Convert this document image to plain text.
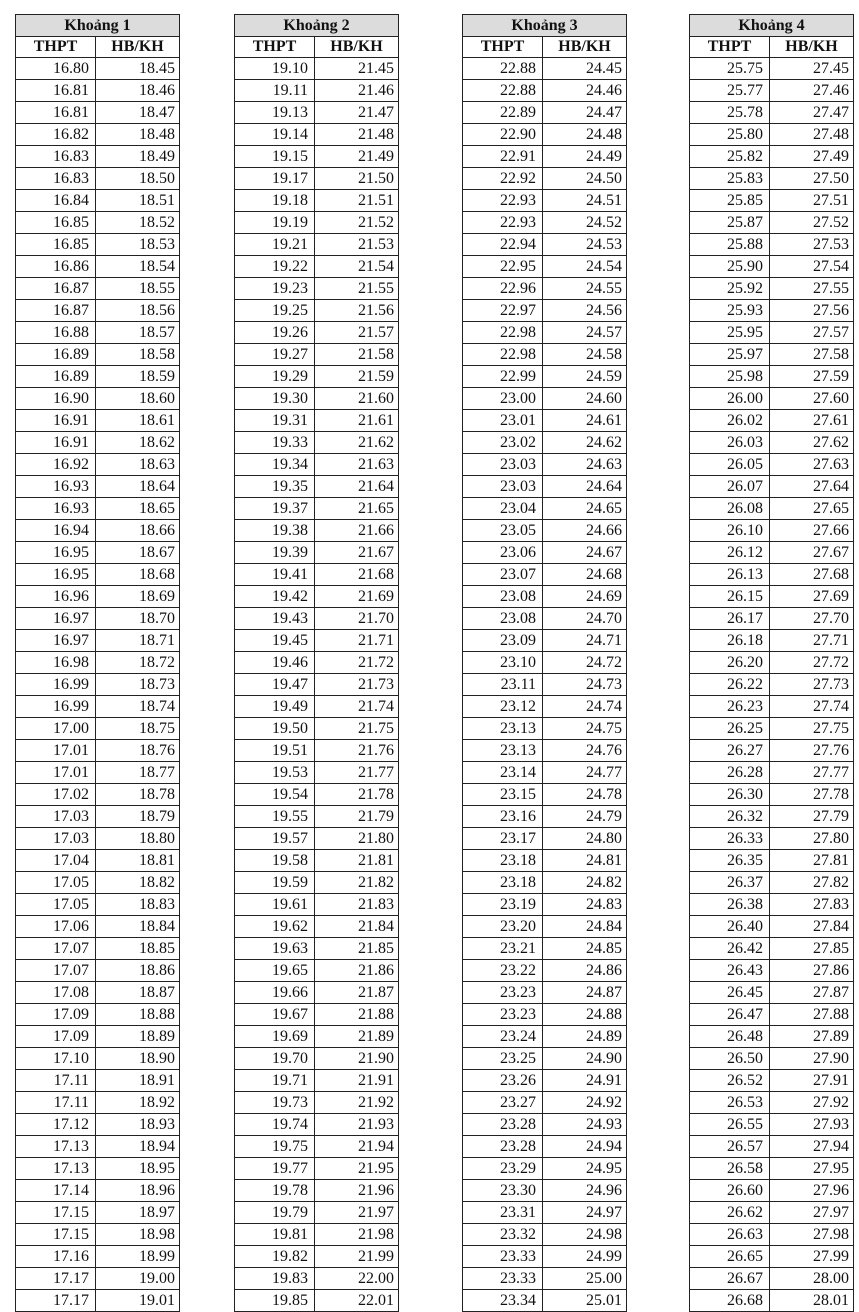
Khoảng 1	
THPT	HB/KH
16.80	18.45
16.81	18.46
16.81	18.47
16.82	18.48
16.83	18.49
16.83	18.50
16.84	18.51
16.85	18.52
16.85	18.53
16.86	18.54
16.87	18.55
16.87	18.56
16.88	18.57
16.89	18.58
16.89	18.59
16.90	18.60
16.91	18.61
16.91	18.62
16.92	18.63
16.93	18.64
16.93	18.65
16.94	18.66
16.95	18.67
16.95	18.68
16.96	18.69
16.97	18.70
16.97	18.71
16.98	18.72
16.99	18.73
16.99	18.74
17.00	18.75
17.01	18.76
17.01	18.77
17.02	18.78
17.03	18.79
17.03	18.80
17.04	18.81
17.05	18.82
17.05	18.83
17.06	18.84
17.07	18.85
17.07	18.86
17.08	18.87
17.09	18.88
17.09	18.89
17.10	18.90
17.11	18.91
17.11	18.92
17.12	18.93
17.13	18.94
17.13	18.95
17.14	18.96
17.15	18.97
17.15	18.98
17.16	18.99
17.17	19.00
17.17	19.01
Khoảng 2	
THPT	HB/KH
19.10	21.45
19.11	21.46
19.13	21.47
19.14	21.48
19.15	21.49
19.17	21.50
19.18	21.51
19.19	21.52
19.21	21.53
19.22	21.54
19.23	21.55
19.25	21.56
19.26	21.57
19.27	21.58
19.29	21.59
19.30	21.60
19.31	21.61
19.33	21.62
19.34	21.63
19.35	21.64
19.37	21.65
19.38	21.66
19.39	21.67
19.41	21.68
19.42	21.69
19.43	21.70
19.45	21.71
19.46	21.72
19.47	21.73
19.49	21.74
19.50	21.75
19.51	21.76
19.53	21.77
19.54	21.78
19.55	21.79
19.57	21.80
19.58	21.81
19.59	21.82
19.61	21.83
19.62	21.84
19.63	21.85
19.65	21.86
19.66	21.87
19.67	21.88
19.69	21.89
19.70	21.90
19.71	21.91
19.73	21.92
19.74	21.93
19.75	21.94
19.77	21.95
19.78	21.96
19.79	21.97
19.81	21.98
19.82	21.99
19.83	22.00
19.85	22.01
Khoảng 3	
THPT	HB/KH
22.88	24.45
22.88	24.46
22.89	24.47
22.90	24.48
22.91	24.49
22.92	24.50
22.93	24.51
22.93	24.52
22.94	24.53
22.95	24.54
22.96	24.55
22.97	24.56
22.98	24.57
22.98	24.58
22.99	24.59
23.00	24.60
23.01	24.61
23.02	24.62
23.03	24.63
23.03	24.64
23.04	24.65
23.05	24.66
23.06	24.67
23.07	24.68
23.08	24.69
23.08	24.70
23.09	24.71
23.10	24.72
23.11	24.73
23.12	24.74
23.13	24.75
23.13	24.76
23.14	24.77
23.15	24.78
23.16	24.79
23.17	24.80
23.18	24.81
23.18	24.82
23.19	24.83
23.20	24.84
23.21	24.85
23.22	24.86
23.23	24.87
23.23	24.88
23.24	24.89
23.25	24.90
23.26	24.91
23.27	24.92
23.28	24.93
23.28	24.94
23.29	24.95
23.30	24.96
23.31	24.97
23.32	24.98
23.33	24.99
23.33	25.00
23.34	25.01
Khoảng 4	
THPT	HB/KH
25.75	27.45
25.77	27.46
25.78	27.47
25.80	27.48
25.82	27.49
25.83	27.50
25.85	27.51
25.87	27.52
25.88	27.53
25.90	27.54
25.92	27.55
25.93	27.56
25.95	27.57
25.97	27.58
25.98	27.59
26.00	27.60
26.02	27.61
26.03	27.62
26.05	27.63
26.07	27.64
26.08	27.65
26.10	27.66
26.12	27.67
26.13	27.68
26.15	27.69
26.17	27.70
26.18	27.71
26.20	27.72
26.22	27.73
26.23	27.74
26.25	27.75
26.27	27.76
26.28	27.77
26.30	27.78
26.32	27.79
26.33	27.80
26.35	27.81
26.37	27.82
26.38	27.83
26.40	27.84
26.42	27.85
26.43	27.86
26.45	27.87
26.47	27.88
26.48	27.89
26.50	27.90
26.52	27.91
26.53	27.92
26.55	27.93
26.57	27.94
26.58	27.95
26.60	27.96
26.62	27.97
26.63	27.98
26.65	27.99
26.67	28.00
26.68	28.01
